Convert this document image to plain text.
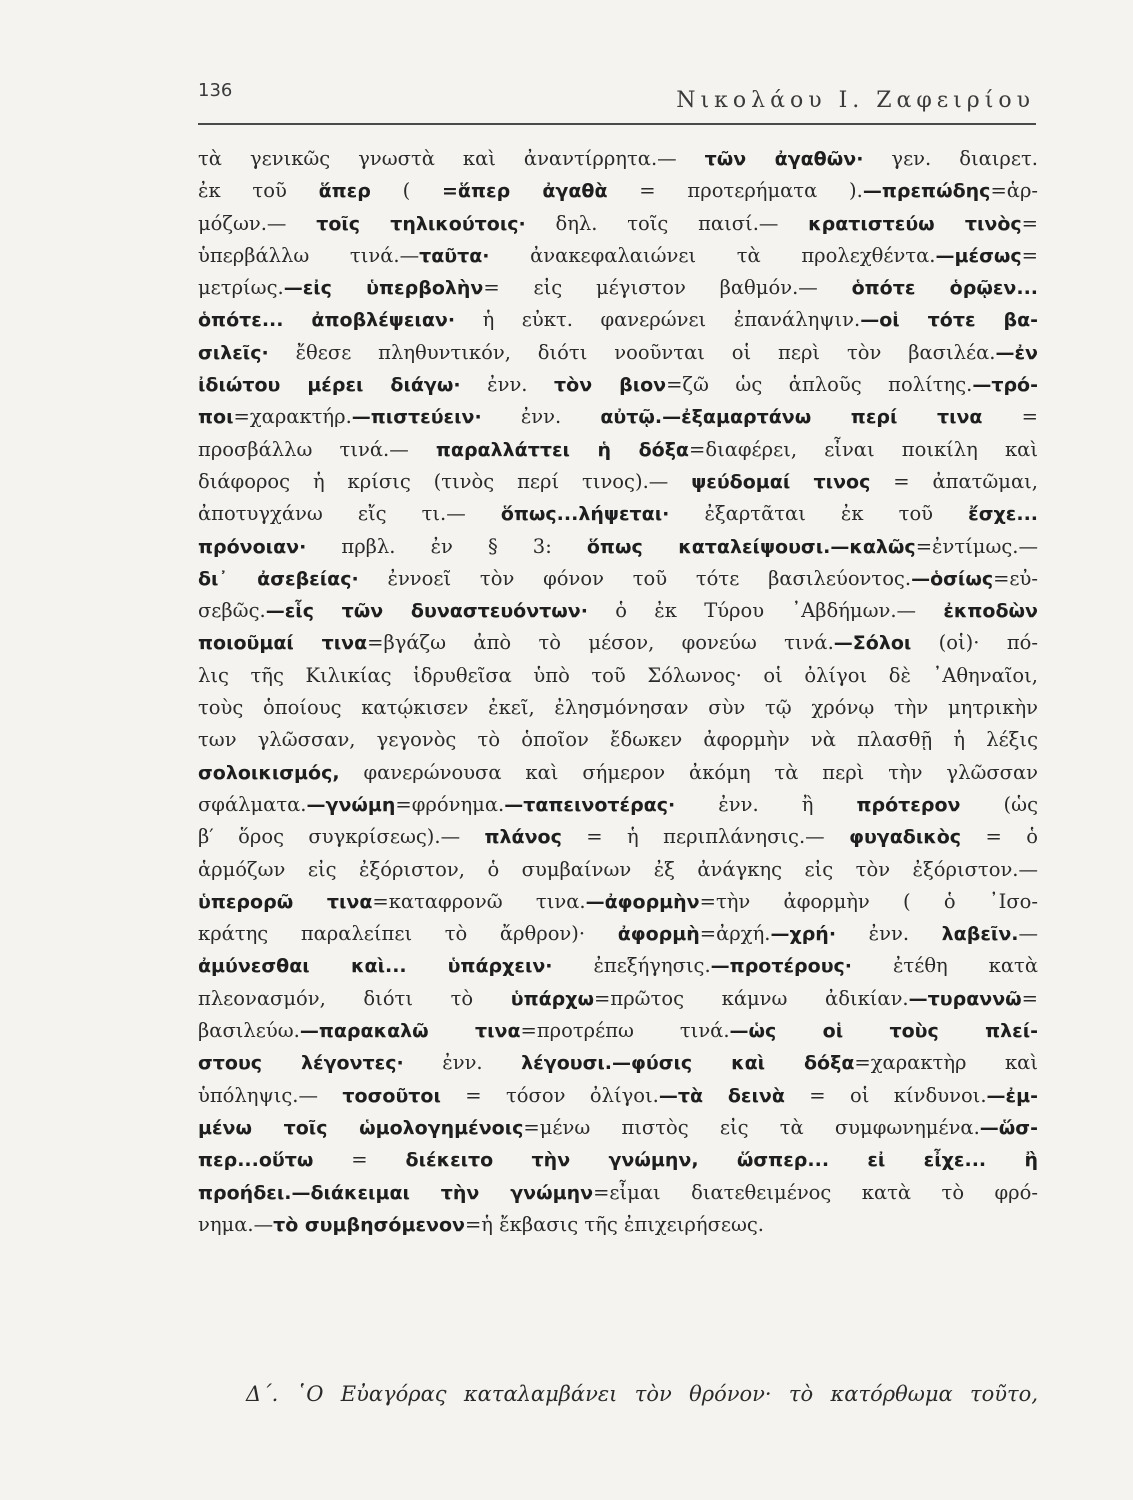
136	Νικολάου Ι. Ζαφειρίου
τὰ γενικῶς γνωστὰ καὶ ἀναντίρρητα.— τῶν ἀγαθῶν· γεν. διαιρετ.
ἐκ τοῦ ἅπερ ( =ἅπερ ἀγαθὰ = προτερήματα ).—πρεπώδης=ἁρ-
μόζων.— τοῖς τηλικούτοις· δηλ. τοῖς παισί.— κρατιστεύω τινὸς=
ὑπερβάλλω τινά.—ταῦτα· ἀνακεφαλαιώνει τὰ προλεχθέντα.—μέσως=
μετρίως.—εἰς ὑπερβολὴν= εἰς μέγιστον βαθμόν.— ὁπότε ὁρῷεν...
ὁπότε... ἀποβλέψειαν· ἡ εὐκτ. φανερώνει ἐπανάληψιν.—οἱ τότε βα-
σιλεῖς· ἔθεσε πληθυντικόν, διότι νοοῦνται οἱ περὶ τὸν βασιλέα.—ἐν
ἰδιώτου μέρει διάγω· ἐνν. τὸν βιον=ζῶ ὡς ἁπλοῦς πολίτης.—τρό-
ποι=χαρακτήρ.—πιστεύειν· ἐνν. αὐτῷ.—ἐξαμαρτάνω περί τινα =
προσβάλλω τινά.— παραλλάττει ἡ δόξα=διαφέρει, εἶναι ποικίλη καὶ
διάφορος ἡ κρίσις (τινὸς περί τινος).— ψεύδομαί τινος = ἀπατῶμαι,
ἀποτυγχάνω εἴς τι.— ὅπως...λήψεται· ἐξαρτᾶται ἐκ τοῦ ἔσχε...
πρόνοιαν· πρβλ. ἐν § 3: ὅπως καταλείψουσι.—καλῶς=ἐντίμως.—
δι᾽ ἀσεβείας· ἐννοεῖ τὸν φόνον τοῦ τότε βασιλεύοντος.—ὁσίως=εὐ-
σεβῶς.—εἷς τῶν δυναστευόντων· ὁ ἐκ Τύρου ᾿Αβδήμων.— ἐκποδὼν
ποιοῦμαί τινα=βγάζω ἀπὸ τὸ μέσον, φονεύω τινά.—Σόλοι (οἱ)· πό-
λις τῆς Κιλικίας ἱδρυθεῖσα ὑπὸ τοῦ Σόλωνος· οἱ ὀλίγοι δὲ ᾿Αθηναῖοι,
τοὺς ὁποίους κατῴκισεν ἐκεῖ, ἐλησμόνησαν σὺν τῷ χρόνῳ τὴν μητρικὴν
των γλῶσσαν, γεγονὸς τὸ ὁποῖον ἔδωκεν ἀφορμὴν νὰ πλασθῇ ἡ λέξις
σολοικισμός, φανερώνουσα καὶ σήμερον ἀκόμη τὰ περὶ τὴν γλῶσσαν
σφάλματα.—γνώμη=φρόνημα.—ταπεινοτέρας· ἐνν. ἢ πρότερον (ὡς
β′ ὅρος συγκρίσεως).— πλάνος = ἡ περιπλάνησις.— φυγαδικὸς = ὁ
ἁρμόζων εἰς ἐξόριστον, ὁ συμβαίνων ἐξ ἀνάγκης εἰς τὸν ἐξόριστον.—
ὑπερορῶ τινα=καταφρονῶ τινα.—ἀφορμὴν=τὴν ἀφορμὴν ( ὁ ᾿Ισο-
κράτης παραλείπει τὸ ἄρθρον)· ἀφορμὴ=ἀρχή.—χρή· ἐνν. λαβεῖν.—
ἀμύνεσθαι καὶ... ὑπάρχειν· ἐπεξήγησις.—προτέρους· ἐτέθη κατὰ
πλεονασμόν, διότι τὸ ὑπάρχω=πρῶτος κάμνω ἀδικίαν.—τυραννῶ=
βασιλεύω.—παρακαλῶ τινα=προτρέπω τινά.—ὡς οἱ τοὺς πλεί-
στους λέγοντες· ἐνν. λέγουσι.—φύσις καὶ δόξα=χαρακτὴρ καὶ
ὑπόληψις.— τοσοῦτοι = τόσον ὀλίγοι.—τὰ δεινὰ = οἱ κίνδυνοι.—ἐμ-
μένω τοῖς ὡμολογημένοις=μένω πιστὸς εἰς τὰ συμφωνημένα.—ὥσ-
περ...οὕτω = διέκειτο τὴν γνώμην, ὥσπερ... εἰ εἶχε... ἢ
προήδει.—διάκειμαι τὴν γνώμην=εἶμαι διατεθειμένος κατὰ τὸ φρό-
νημα.—τὸ συμβησόμενον=ἡ ἔκβασις τῆς ἐπιχειρήσεως.
Δ΄. ῾Ο Εὐαγόρας καταλαμβάνει τὸν θρόνον· τὸ κατόρθωμα τοῦτο,
